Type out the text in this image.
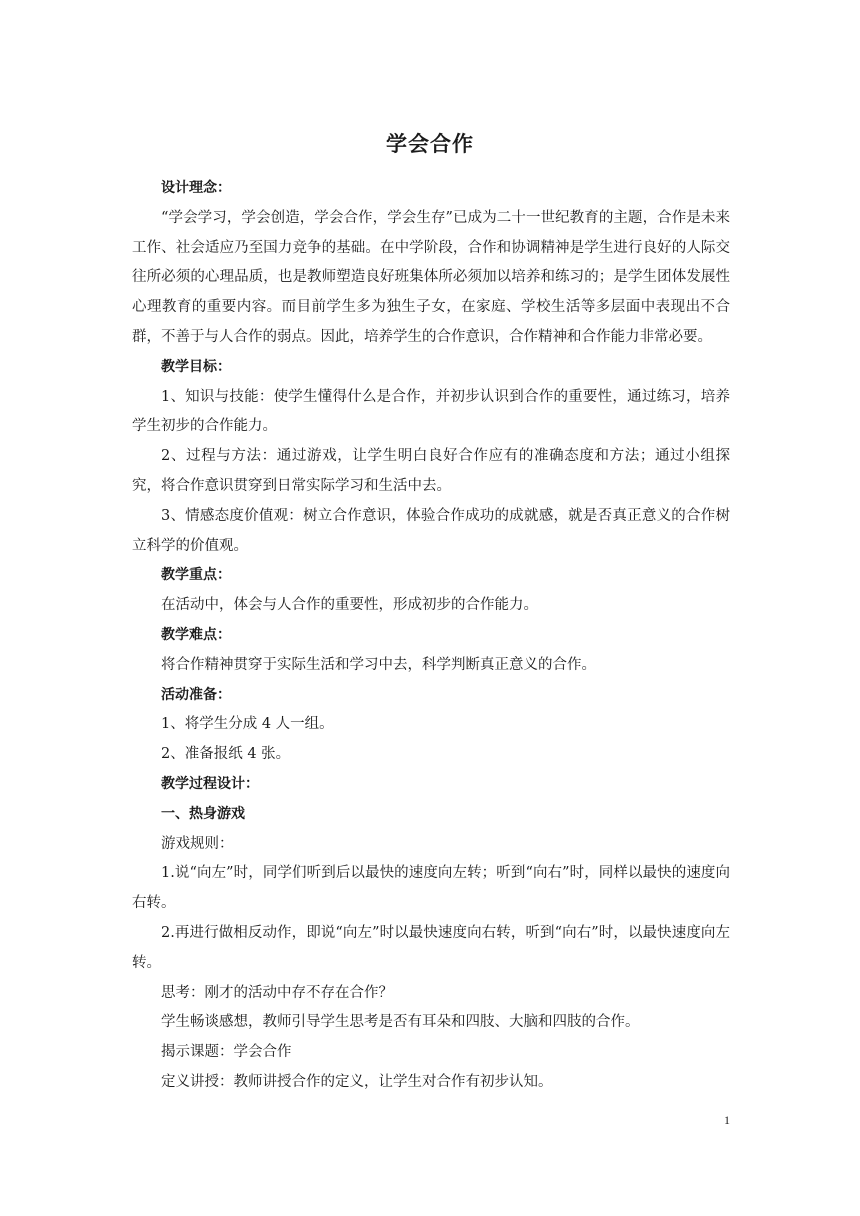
学会合作

设计理念：

“学会学习，学会创造，学会合作，学会生存”已成为二十一世纪教育的主题，合作是未来工作、社会适应乃至国力竞争的基础。在中学阶段，合作和协调精神是学生进行良好的人际交往所必须的心理品质，也是教师塑造良好班集体所必须加以培养和练习的；是学生团体发展性心理教育的重要内容。而目前学生多为独生子女，在家庭、学校生活等多层面中表现出不合群，不善于与人合作的弱点。因此，培养学生的合作意识，合作精神和合作能力非常必要。

教学目标：

1、知识与技能：使学生懂得什么是合作，并初步认识到合作的重要性，通过练习，培养学生初步的合作能力。

2、过程与方法：通过游戏，让学生明白良好合作应有的准确态度和方法；通过小组探究，将合作意识贯穿到日常实际学习和生活中去。

3、情感态度价值观：树立合作意识，体验合作成功的成就感，就是否真正意义的合作树立科学的价值观。

教学重点：

在活动中，体会与人合作的重要性，形成初步的合作能力。

教学难点：

将合作精神贯穿于实际生活和学习中去，科学判断真正意义的合作。

活动准备：

1、将学生分成 4 人一组。

2、准备报纸 4 张。

教学过程设计：

一、热身游戏

游戏规则：

1.说“向左”时，同学们听到后以最快的速度向左转；听到“向右”时，同样以最快的速度向右转。

2.再进行做相反动作，即说“向左”时以最快速度向右转，听到“向右”时，以最快速度向左转。

思考：刚才的活动中存不存在合作？

学生畅谈感想，教师引导学生思考是否有耳朵和四肢、大脑和四肢的合作。

揭示课题：学会合作

定义讲授：教师讲授合作的定义，让学生对合作有初步认知。

1
